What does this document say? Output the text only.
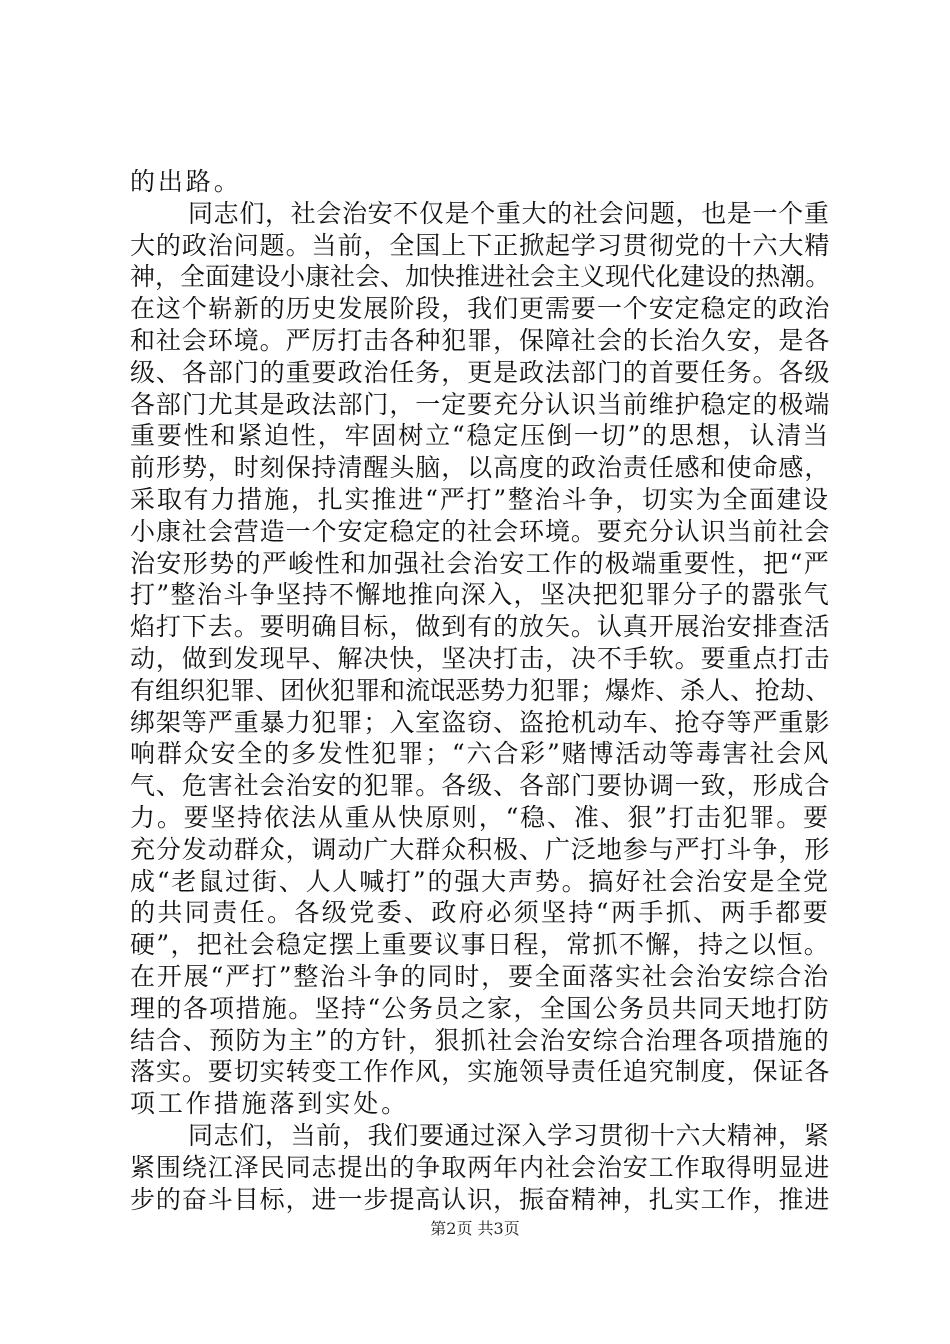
的出路。
同志们，社会治安不仅是个重大的社会问题，也是一个重
大的政治问题。当前，全国上下正掀起学习贯彻党的十六大精
神，全面建设小康社会、加快推进社会主义现代化建设的热潮。
在这个崭新的历史发展阶段，我们更需要一个安定稳定的政治
和社会环境。严厉打击各种犯罪，保障社会的长治久安，是各
级、各部门的重要政治任务，更是政法部门的首要任务。各级
各部门尤其是政法部门，一定要充分认识当前维护稳定的极端
重要性和紧迫性，牢固树立“稳定压倒一切”的思想，认清当
前形势，时刻保持清醒头脑，以高度的政治责任感和使命感，
采取有力措施，扎实推进“严打”整治斗争，切实为全面建设
小康社会营造一个安定稳定的社会环境。要充分认识当前社会
治安形势的严峻性和加强社会治安工作的极端重要性，把“严
打”整治斗争坚持不懈地推向深入，坚决把犯罪分子的嚣张气
焰打下去。要明确目标，做到有的放矢。认真开展治安排查活
动，做到发现早、解决快，坚决打击，决不手软。要重点打击
有组织犯罪、团伙犯罪和流氓恶势力犯罪；爆炸、杀人、抢劫、
绑架等严重暴力犯罪；入室盗窃、盗抢机动车、抢夺等严重影
响群众安全的多发性犯罪；“六合彩”赌博活动等毒害社会风
气、危害社会治安的犯罪。各级、各部门要协调一致，形成合
力。要坚持依法从重从快原则，“稳、准、狠”打击犯罪。要
充分发动群众，调动广大群众积极、广泛地参与严打斗争，形
成“老鼠过街、人人喊打”的强大声势。搞好社会治安是全党
的共同责任。各级党委、政府必须坚持“两手抓、两手都要
硬”，把社会稳定摆上重要议事日程，常抓不懈，持之以恒。
在开展“严打”整治斗争的同时，要全面落实社会治安综合治
理的各项措施。坚持“公务员之家，全国公务员共同天地打防
结合、预防为主”的方针，狠抓社会治安综合治理各项措施的
落实。要切实转变工作作风，实施领导责任追究制度，保证各
项工作措施落到实处。
同志们，当前，我们要通过深入学习贯彻十六大精神，紧
紧围绕江泽民同志提出的争取两年内社会治安工作取得明显进
步的奋斗目标，进一步提高认识，振奋精神，扎实工作，推进
第2页 共3页
